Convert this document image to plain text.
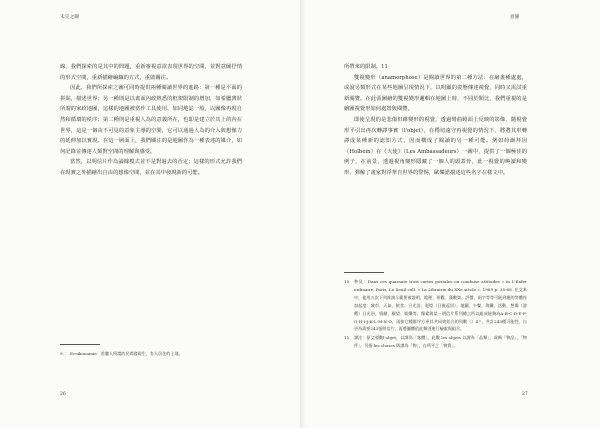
未完之圖

線，我們探索的是其中的問題，重新審視意欲表現世界的空間，並對意圖抒情的形式空間，重新描繪編織的方式，重啟關注。

因此，我們所探索之圖可同時提供兩種閱讀世界的進路：第一種是平面的拼貼，描述世界；另一種則是以畫面內政熱悉的框架限制的增加，如希臘薄狀所謂的家政地圖，這樣的地圖被當作工具使用，如同地誌一般，以圖像再現自然和循環的秩序；第二種則是重視人為的意義所在，也即是建立於其上的內在世界，這是一個由不可見的意象主導的空間，它可以通過人為的介入與想像力的延伸加以實現。在這一層面上，我們關注的是地圖作為一種表達的媒介，如何記錄並傳達人類對空間的理解與感受。

當然，以明信片作為論據模式並不是對過去的否定；這樣的形式允許我們在現實之外描繪出自由的想像空間，並在其中發現新的可能。

9.	Ecoikonomie：希臘人所謂的民間發現生，有人居住的土地。
26
意圖

所帶來的限制。11

雙視變形（anamorphose）是閱讀世界的第二種方法：在繪畫種處處，或說另類形式在某些地圖呈現情況下，以明顯的姿態傳達視覺，同時又需試重新閱覽。在此張圖繪的雙視變形邏輯在地圖上時，不同於類比，我們重視的是繪圖視覺形如何處置與閱覽。

即使呈現的是悲傷但維變形的視覺，透過彎曲鏡面上反映的影像，隨視覺形平引出再次轉譯事實（l'objet），在穩切遠守再視覺的情況下，將將其形轉譯成某種新的認知方式，因而構成了閱讀的另一種可能。例如荷爾拜因（Holbein）在《大使》（Les Ambassadeurs）一圖中，提供了一個極佳的例子，在前景，透過視角變形隱藏了一個人的頭蓋骨，此一視覺的喚讀和變形，彈解了畫家對浮華自世界的警惕，歐樂諾描述這些名字在樣文中。

10. 參見：Dans ces quarante trois cartes postales on conduise attitudes » in L'Enfer ordinaire, Paris, Le Seuil coll. « La Librairie du XXe siècle », 1989 p. 35-68. 在文本中，他用五次下列推演示範要被證明，地理、景觀、漢數第、評價、兩字等等可能到應的等體符加起度：城市、天氣、飲食、日光浴、電燈（日後返回）、地圖、午餐、海灘、活動、想像（游戲）日光浴、情緒、願望、娛樂等，像素與某一明信片系列總之所以組成能夠為A-B-C-D-E-F-G-H-I-J-K-L-M-N-O，再按它種群序方更其共同效結合的列數（）4^，共計243種可能性，自更為需要243張明信片，再將圖體依此類別進行檢索與組合。
11. 譯注：原文要數l'objet，以譯為「客體」，此數 les objets 以譯為「品類」，或稱「物品」，「物件」，另指 les choses 則譯為「物」，自所平之「物質」。
27
